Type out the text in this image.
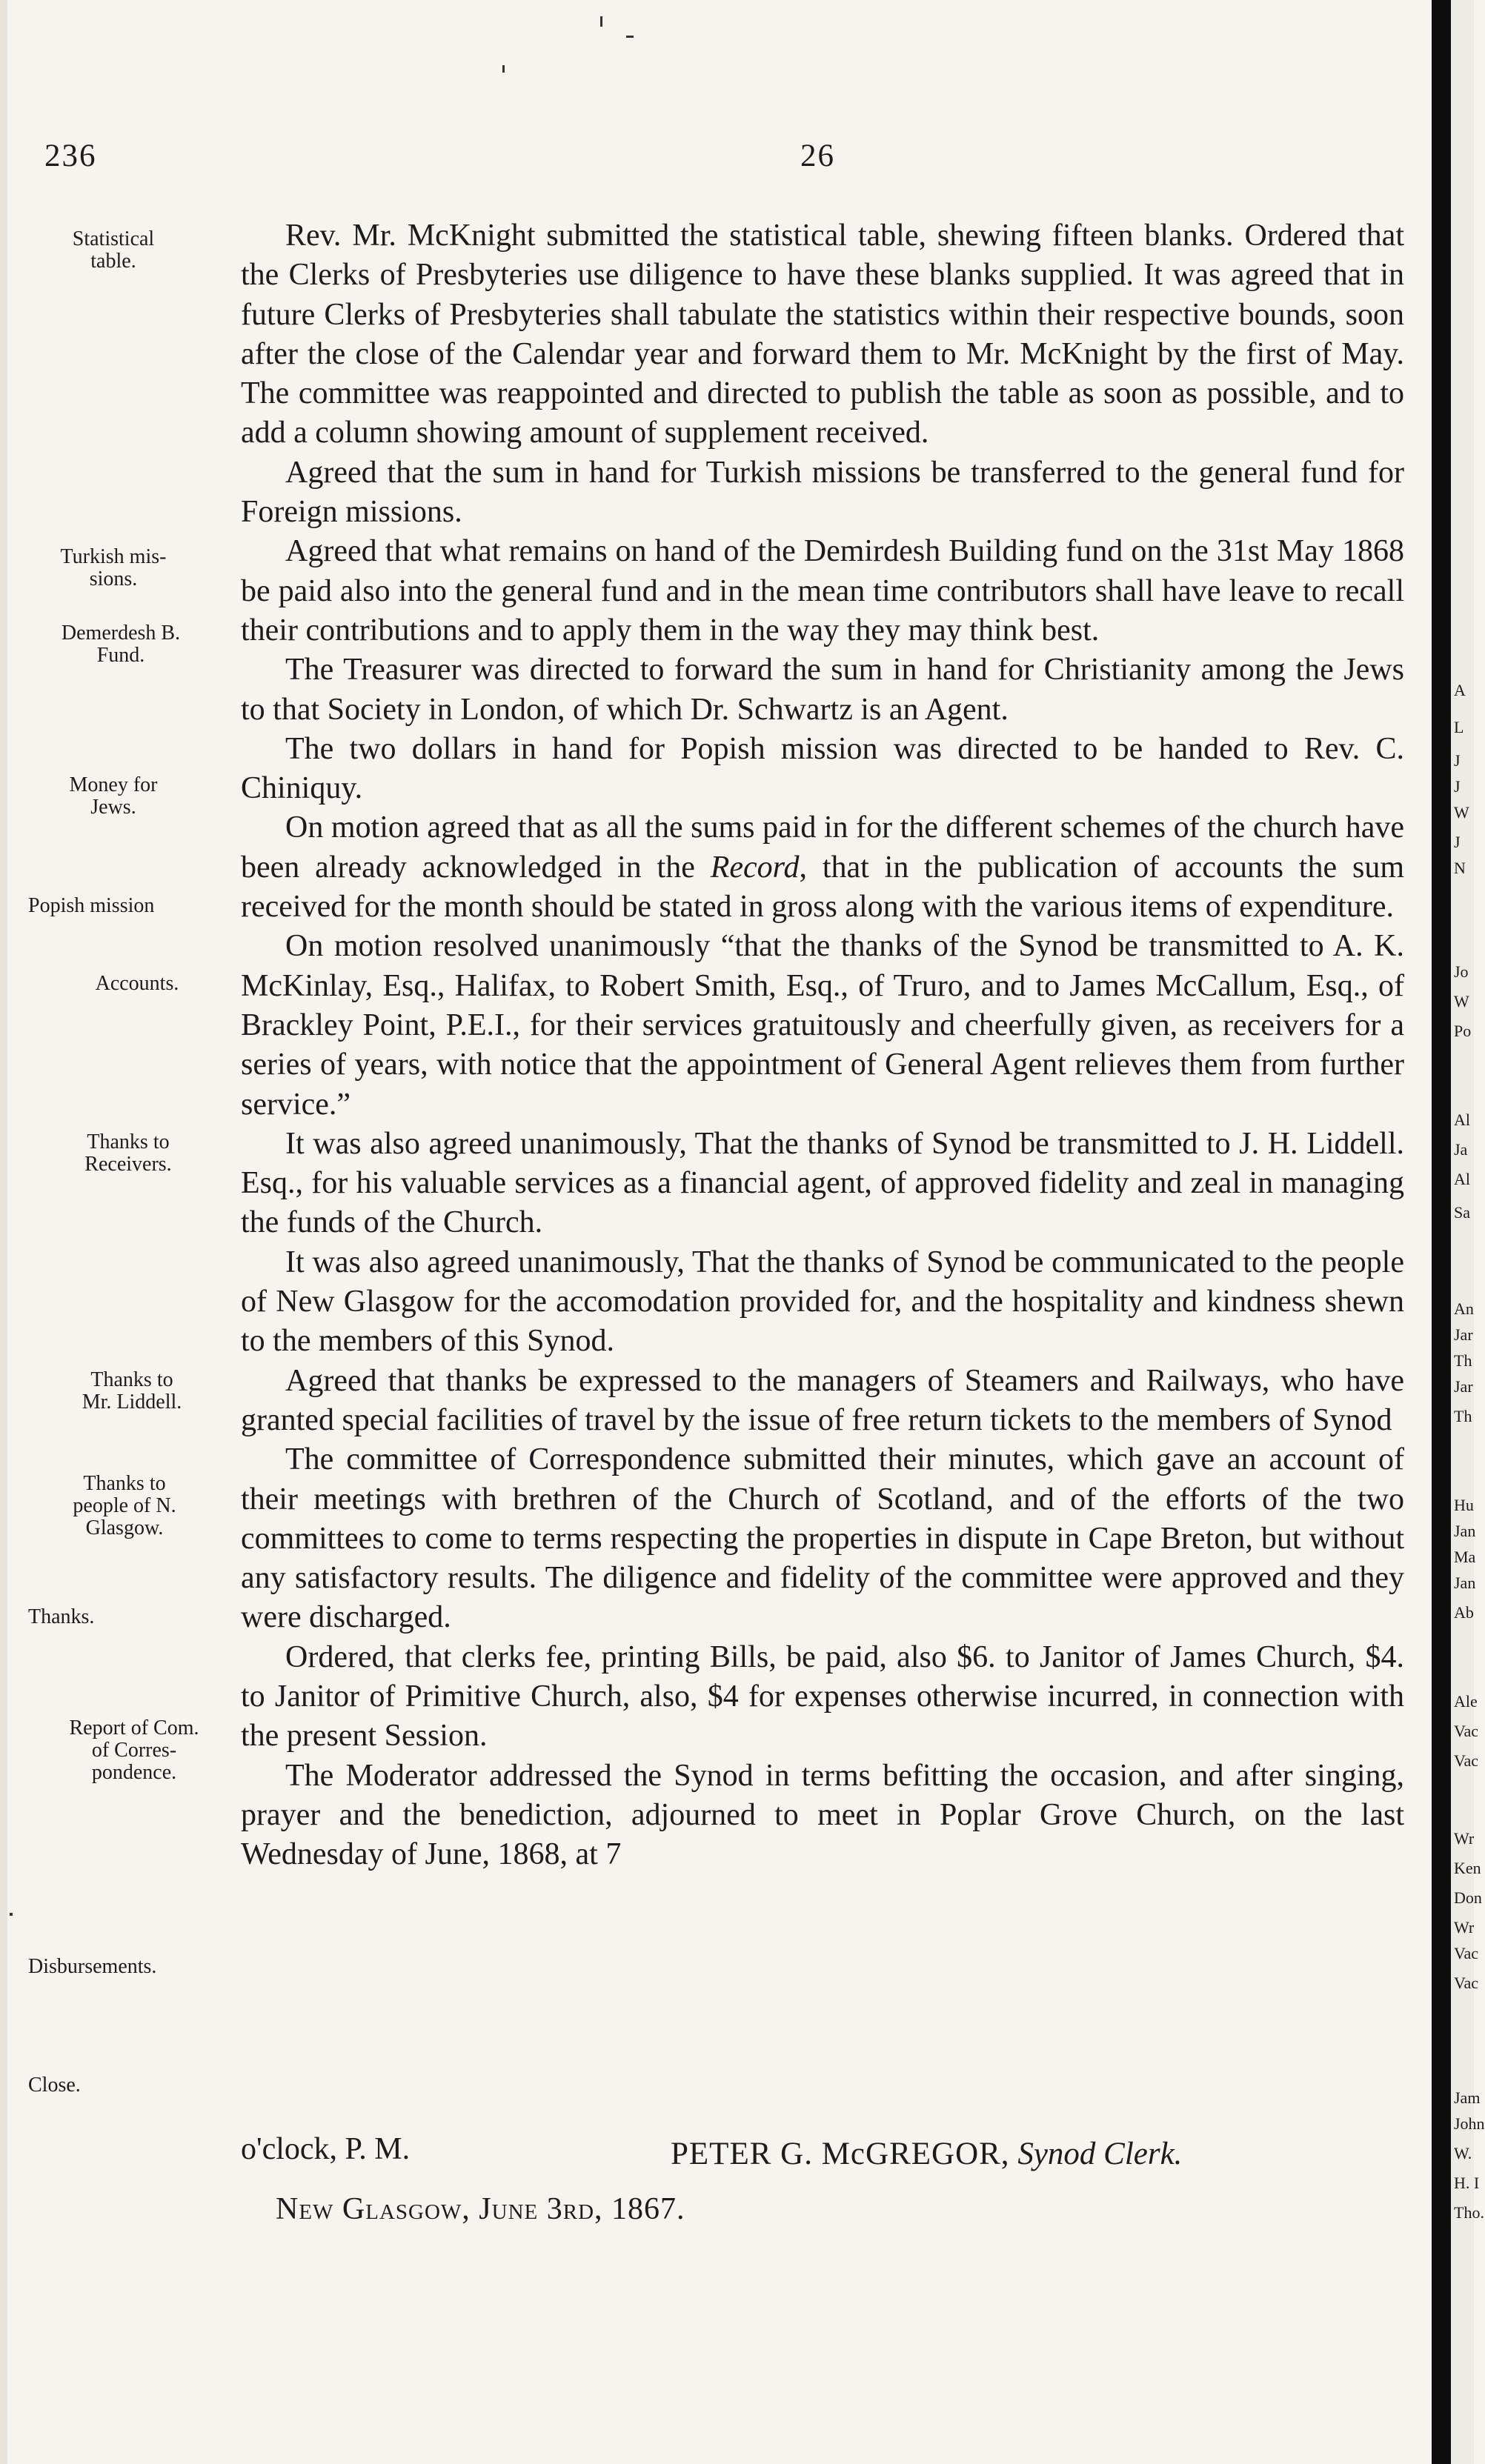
236	26
Statistical
table.
Turkish mis-
sions.
Demerdesh B.
Fund.
Money for
Jews.
Popish mission
Accounts.
Thanks to
Receivers.
Thanks to
Mr. Liddell.
Thanks to
people of N.
Glasgow.
Thanks.
Report of Com.
of Corres-
pondence.
Disbursements.
Close.

Rev. Mr. McKnight submitted the statistical table, shewing fifteen blanks. Ordered that the Clerks of Presbyteries use diligence to have these blanks supplied. It was agreed that in future Clerks of Presbyteries shall tabulate the statistics within their respective bounds, soon after the close of the Calendar year and forward them to Mr. McKnight by the first of May. The committee was reappointed and directed to publish the table as soon as possible, and to add a column showing amount of supplement received.

Agreed that the sum in hand for Turkish missions be transferred to the general fund for Foreign missions.

Agreed that what remains on hand of the Demirdesh Building fund on the 31st May 1868 be paid also into the general fund and in the mean time contributors shall have leave to recall their contributions and to apply them in the way they may think best.

The Treasurer was directed to forward the sum in hand for Christianity among the Jews to that Society in London, of which Dr. Schwartz is an Agent.

The two dollars in hand for Popish mission was directed to be handed to Rev. C. Chiniquy.

On motion agreed that as all the sums paid in for the different schemes of the church have been already acknowledged in the Record, that in the publication of accounts the sum received for the month should be stated in gross along with the various items of expenditure.

On motion resolved unanimously “that the thanks of the Synod be transmitted to A. K. McKinlay, Esq., Halifax, to Robert Smith, Esq., of Truro, and to James McCallum, Esq., of Brackley Point, P.E.I., for their services gratuitously and cheerfully given, as receivers for a series of years, with notice that the appointment of General Agent relieves them from further service.”

It was also agreed unanimously, That the thanks of Synod be transmitted to J. H. Liddell. Esq., for his valuable services as a financial agent, of approved fidelity and zeal in managing the funds of the Church.

It was also agreed unanimously, That the thanks of Synod be communicated to the people of New Glasgow for the accomodation provided for, and the hospitality and kindness shewn to the members of this Synod.

Agreed that thanks be expressed to the managers of Steamers and Railways, who have granted special facilities of travel by the issue of free return tickets to the members of Synod

The committee of Correspondence submitted their minutes, which gave an account of their meetings with brethren of the Church of Scotland, and of the efforts of the two committees to come to terms respecting the properties in dispute in Cape Breton, but without any satisfactory results. The diligence and fidelity of the committee were approved and they were discharged.

Ordered, that clerks fee, printing Bills, be paid, also $6. to Janitor of James Church, $4. to Janitor of Primitive Church, also, $4 for expenses otherwise incurred, in connection with the present Session.

The Moderator addressed the Synod in terms befitting the occasion, and after singing, prayer and the benediction, adjourned to meet in Poplar Grove Church, on the last Wednesday of June, 1868, at 7

o'clock, P. M.	PETER G. McGREGOR, Synod Clerk.
New Glasgow, June 3rd, 1867.
A
L
J
J
W
J
N
Jo
W
Po
Al
Ja
Al
Sa
An
Jar
Th
Jar
Th
Hu
Jan
Ma
Jan
Ab
Ale
Vac
Vac
Wr
Ken
Don
Wr
Vac
Vac
Jam
John
W.
H. I
Tho.
